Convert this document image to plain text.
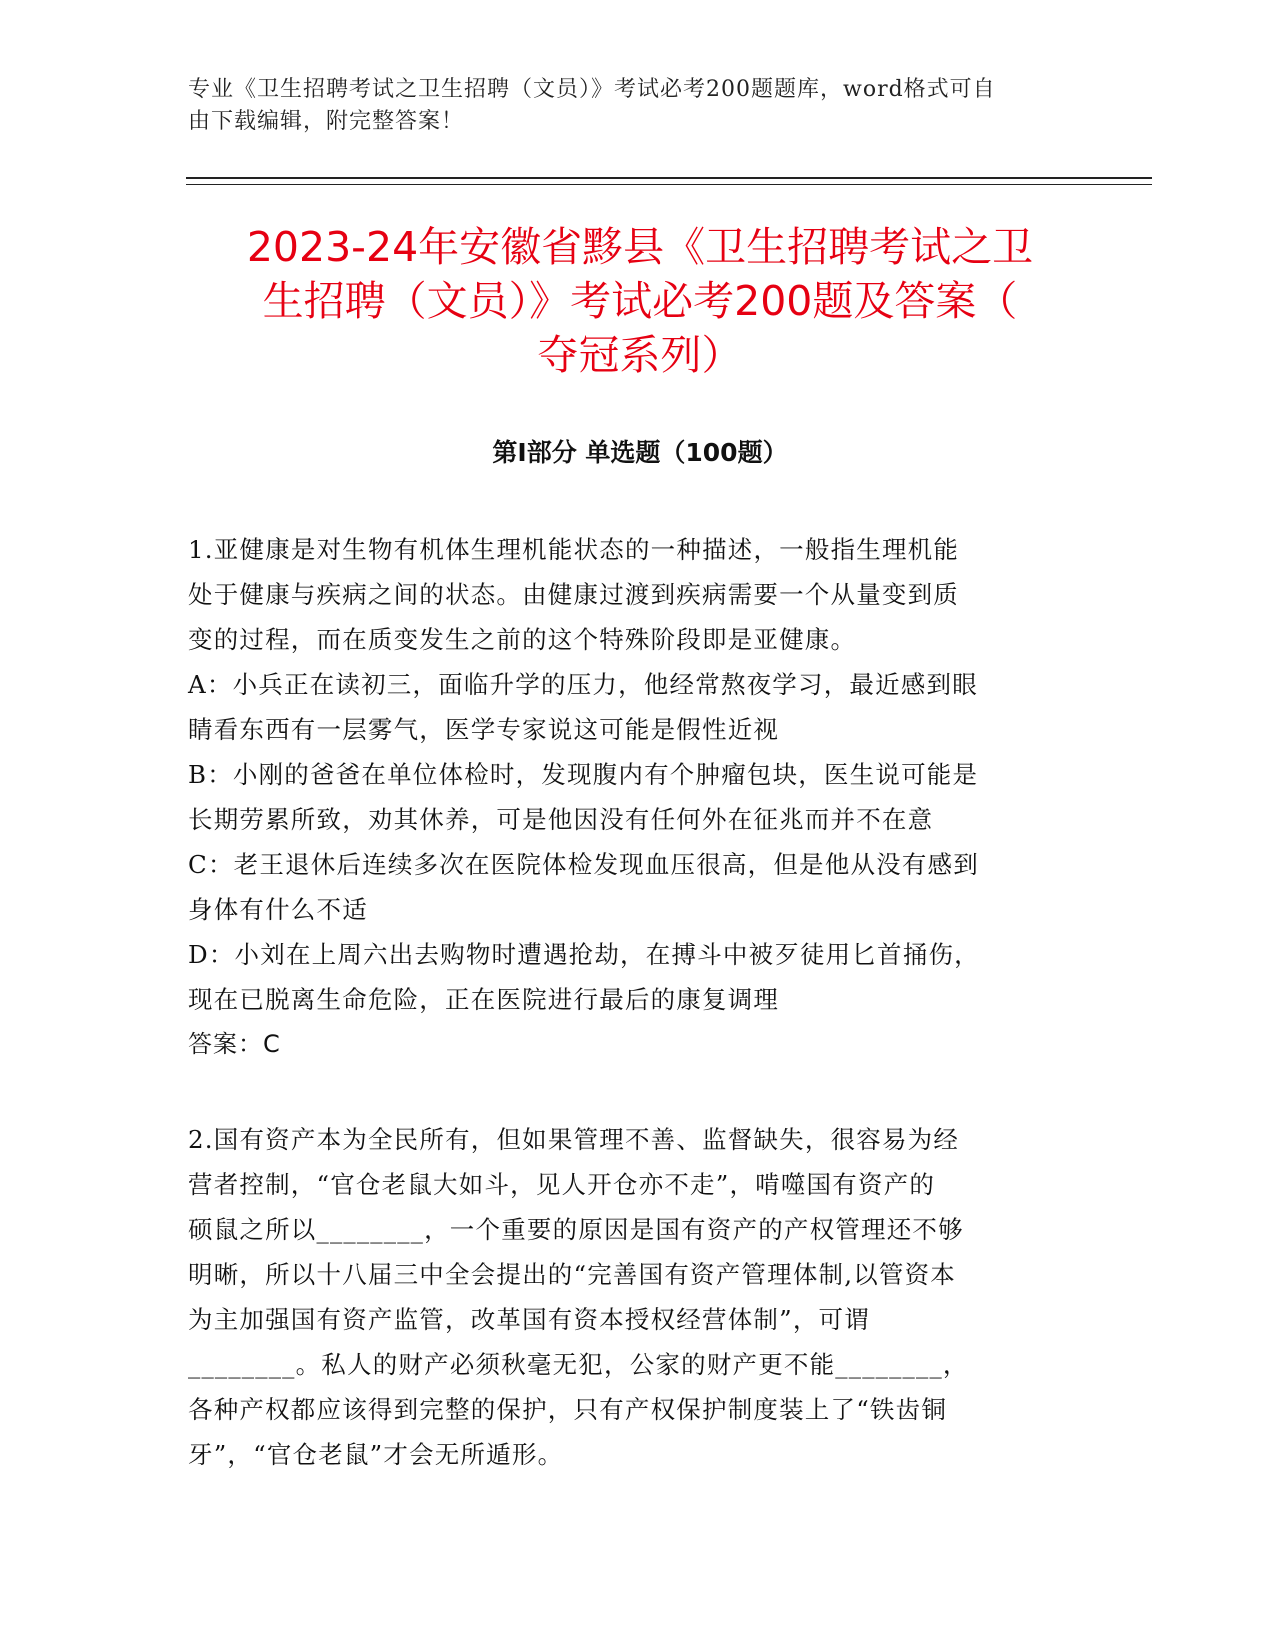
专业《卫生招聘考试之卫生招聘（文员）》考试必考200题题库，word格式可自
由下载编辑，附完整答案！
2023-24年安徽省黟县《卫生招聘考试之卫
生招聘（文员）》考试必考200题及答案（
夺冠系列）
第Ⅰ部分 单选题（100题）
1.亚健康是对生物有机体生理机能状态的一种描述，一般指生理机能
处于健康与疾病之间的状态。由健康过渡到疾病需要一个从量变到质
变的过程，而在质变发生之前的这个特殊阶段即是亚健康。
A：小兵正在读初三，面临升学的压力，他经常熬夜学习，最近感到眼
睛看东西有一层雾气，医学专家说这可能是假性近视
B：小刚的爸爸在单位体检时，发现腹内有个肿瘤包块，医生说可能是
长期劳累所致，劝其休养，可是他因没有任何外在征兆而并不在意
C：老王退休后连续多次在医院体检发现血压很高，但是他从没有感到
身体有什么不适
D：小刘在上周六出去购物时遭遇抢劫，在搏斗中被歹徒用匕首捅伤，
现在已脱离生命危险，正在医院进行最后的康复调理
答案：C
2.国有资产本为全民所有，但如果管理不善、监督缺失，很容易为经
营者控制，“官仓老鼠大如斗，见人开仓亦不走”，啃噬国有资产的
硕鼠之所以________，一个重要的原因是国有资产的产权管理还不够
明晰，所以十八届三中全会提出的“完善国有资产管理体制,以管资本
为主加强国有资产监管，改革国有资本授权经营体制”，可谓
________。私人的财产必须秋毫无犯，公家的财产更不能________，
各种产权都应该得到完整的保护，只有产权保护制度装上了“铁齿铜
牙”，“官仓老鼠”才会无所遁形。
